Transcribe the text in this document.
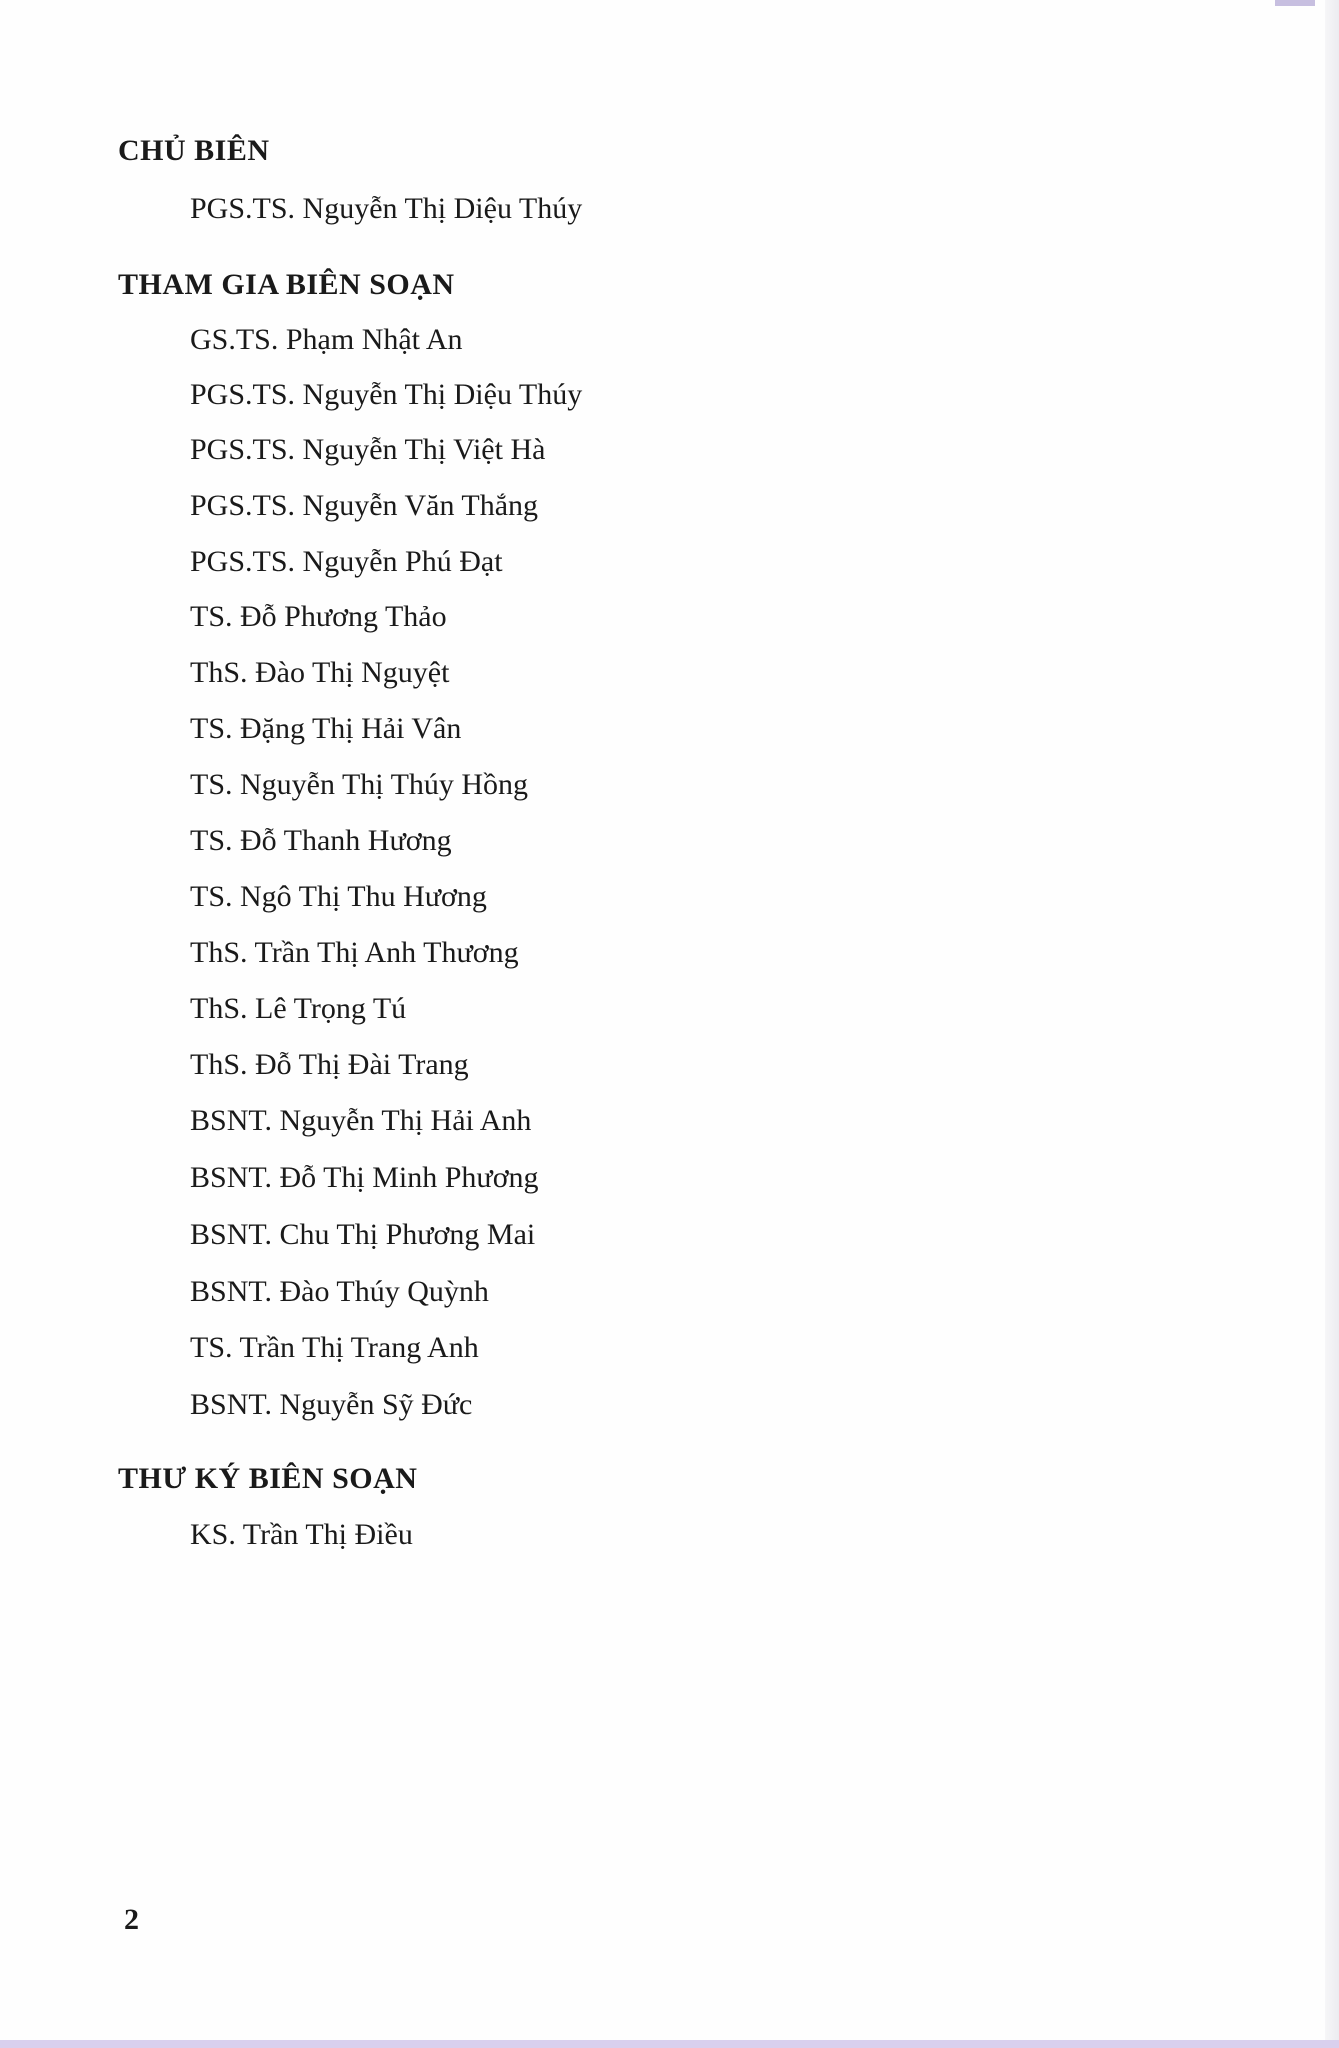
CHỦ BIÊN
PGS.TS. Nguyễn Thị Diệu Thúy
THAM GIA BIÊN SOẠN
GS.TS. Phạm Nhật An
PGS.TS. Nguyễn Thị Diệu Thúy
PGS.TS. Nguyễn Thị Việt Hà
PGS.TS. Nguyễn Văn Thắng
PGS.TS. Nguyễn Phú Đạt
TS. Đỗ Phương Thảo
ThS. Đào Thị Nguyệt
TS. Đặng Thị Hải Vân
TS. Nguyễn Thị Thúy Hồng
TS. Đỗ Thanh Hương
TS. Ngô Thị Thu Hương
ThS. Trần Thị Anh Thương
ThS. Lê Trọng Tú
ThS. Đỗ Thị Đài Trang
BSNT. Nguyễn Thị Hải Anh
BSNT. Đỗ Thị Minh Phương
BSNT. Chu Thị Phương Mai
BSNT. Đào Thúy Quỳnh
TS. Trần Thị Trang Anh
BSNT. Nguyễn Sỹ Đức
THƯ KÝ BIÊN SOẠN
KS. Trần Thị Điều
2
